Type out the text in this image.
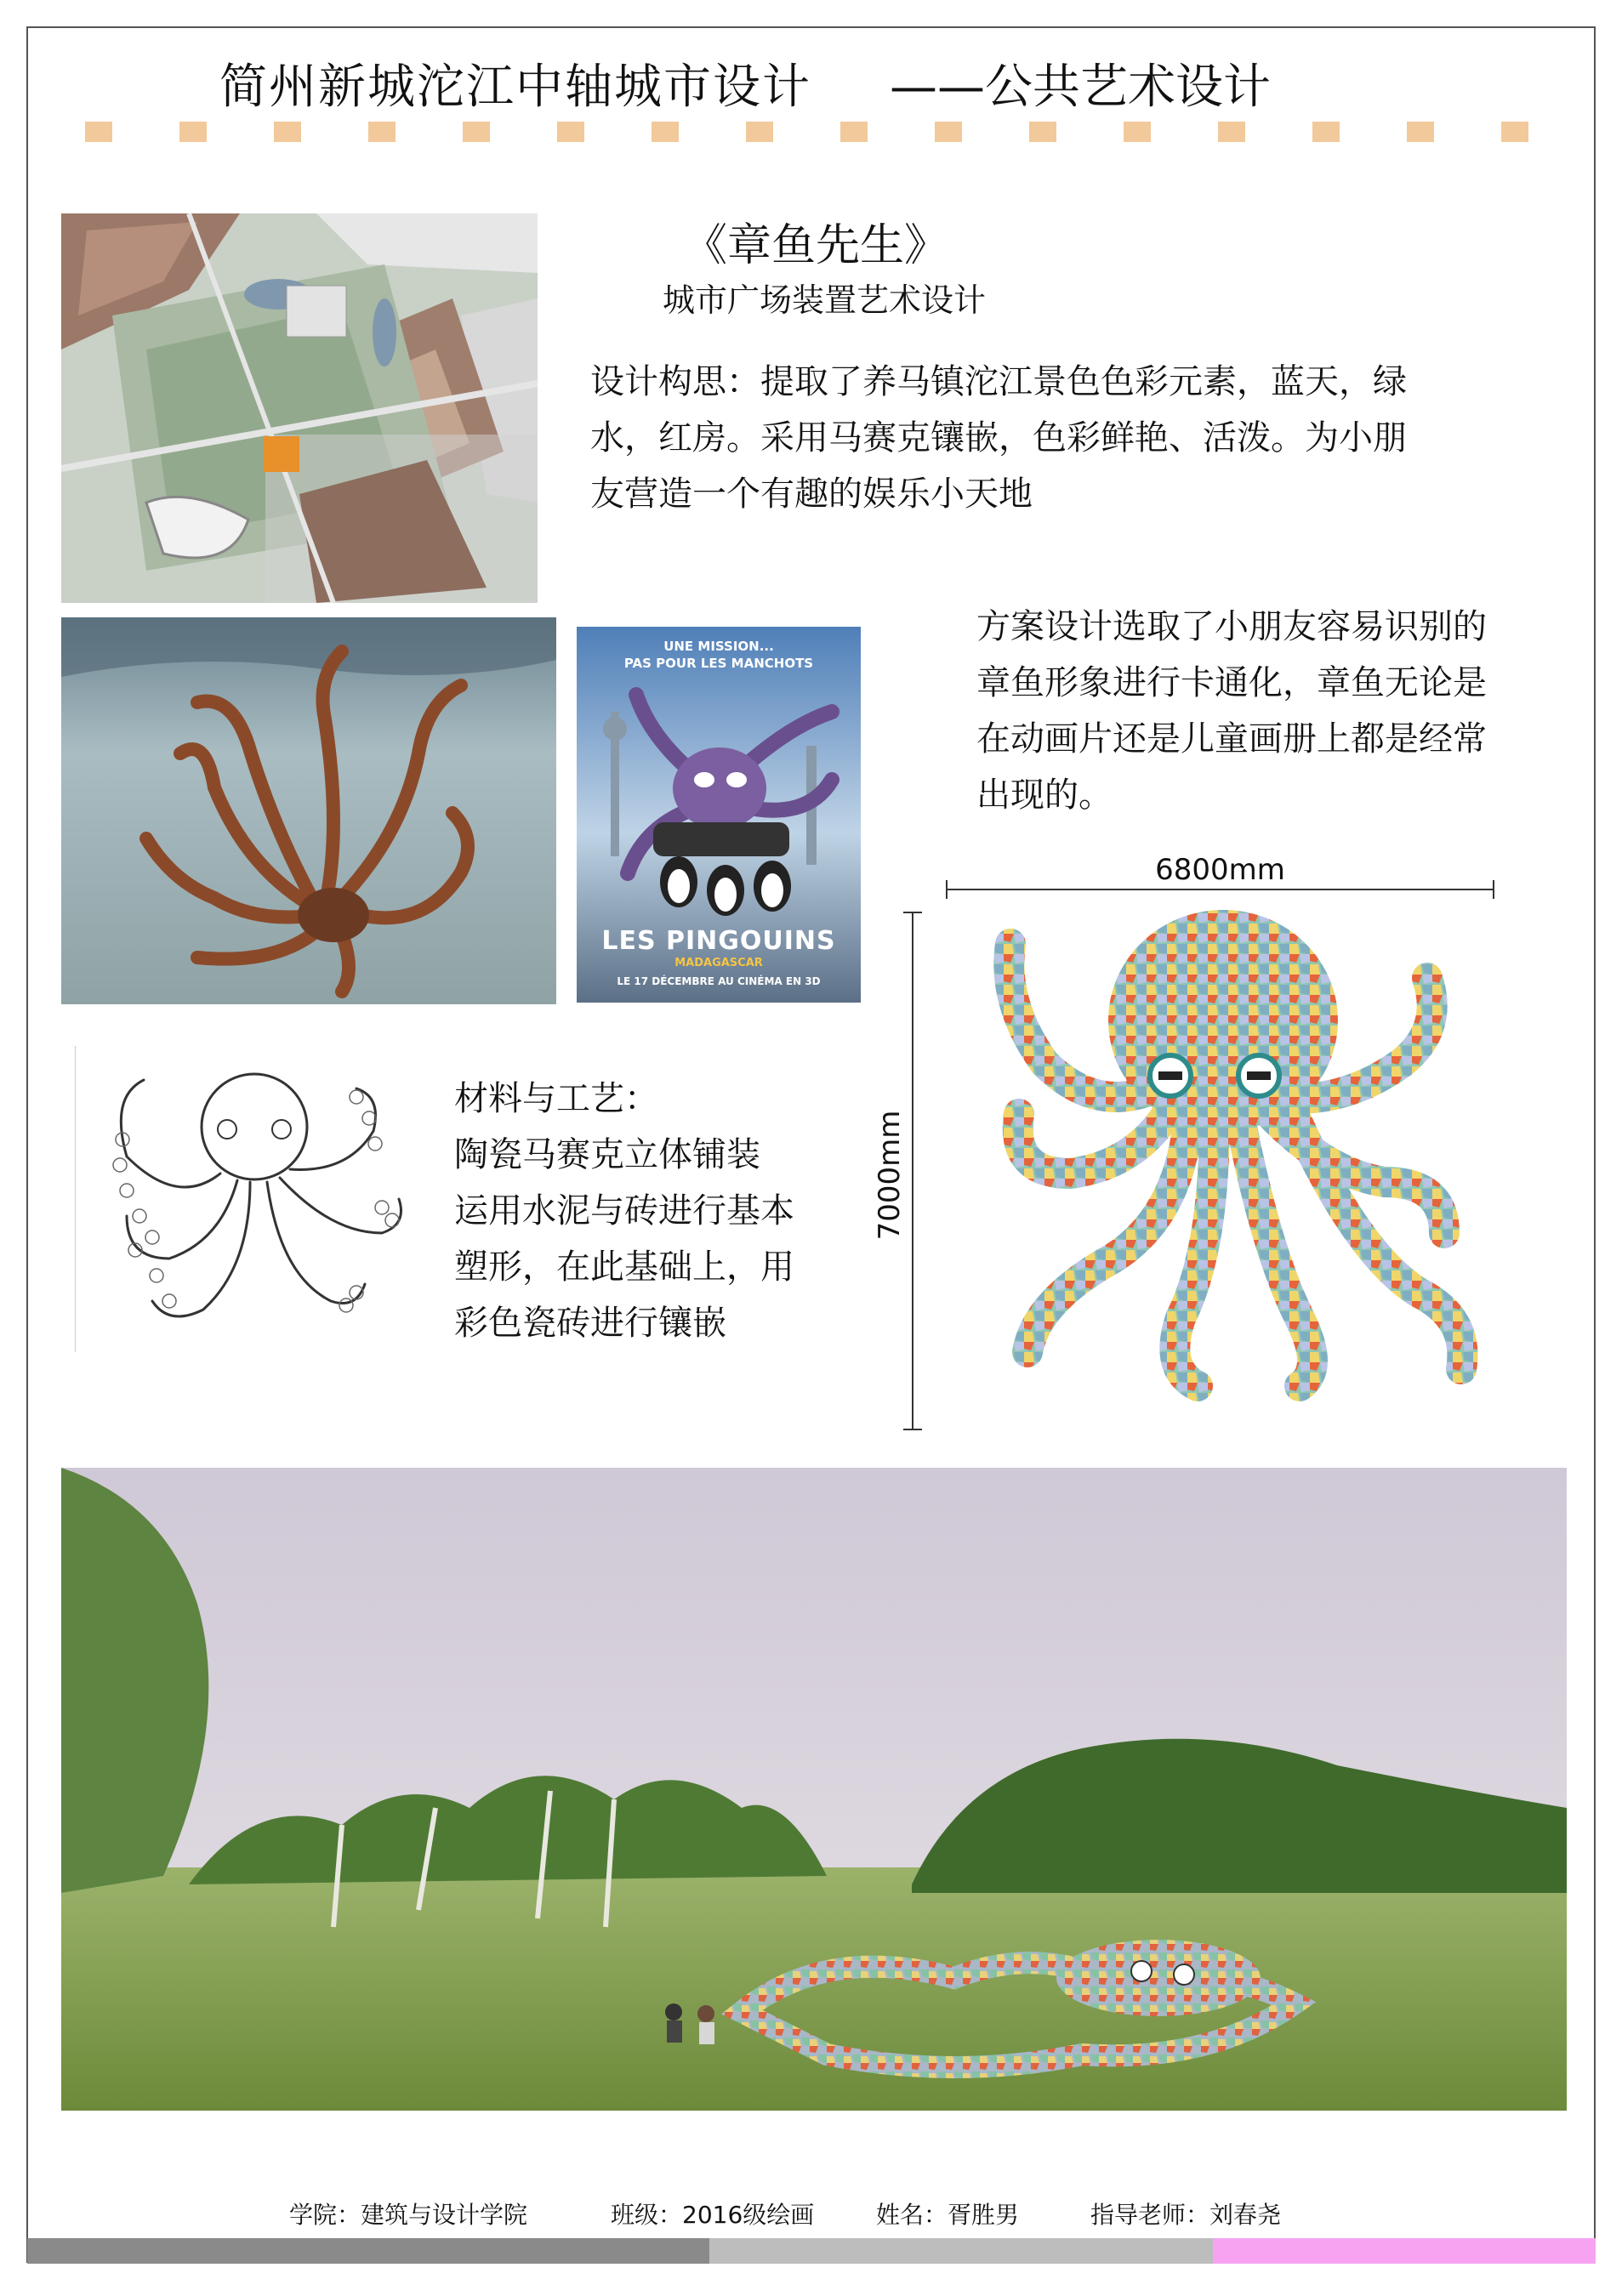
简州新城沱江中轴城市设计 ——公共艺术设计
《章鱼先生》
城市广场装置艺术设计
设计构思：提取了养马镇沱江景色色彩元素，蓝天，绿
水，红房。采用马赛克镶嵌，色彩鲜艳、活泼。为小朋
友营造一个有趣的娱乐小天地
UNE MISSION...
PAS POUR LES MANCHOTS
LES PINGOUINS
MADAGASCAR
LE 17 DÉCEMBRE AU CINÉMA EN 3D
方案设计选取了小朋友容易识别的
章鱼形象进行卡通化，章鱼无论是
在动画片还是儿童画册上都是经常
出现的。
材料与工艺：
陶瓷马赛克立体铺装
运用水泥与砖进行基本
塑形，在此基础上，用
彩色瓷砖进行镶嵌
6800mm
7000mm
学院：建筑与设计学院	班级：2016级绘画	姓名：胥胜男	指导老师：刘春尧
